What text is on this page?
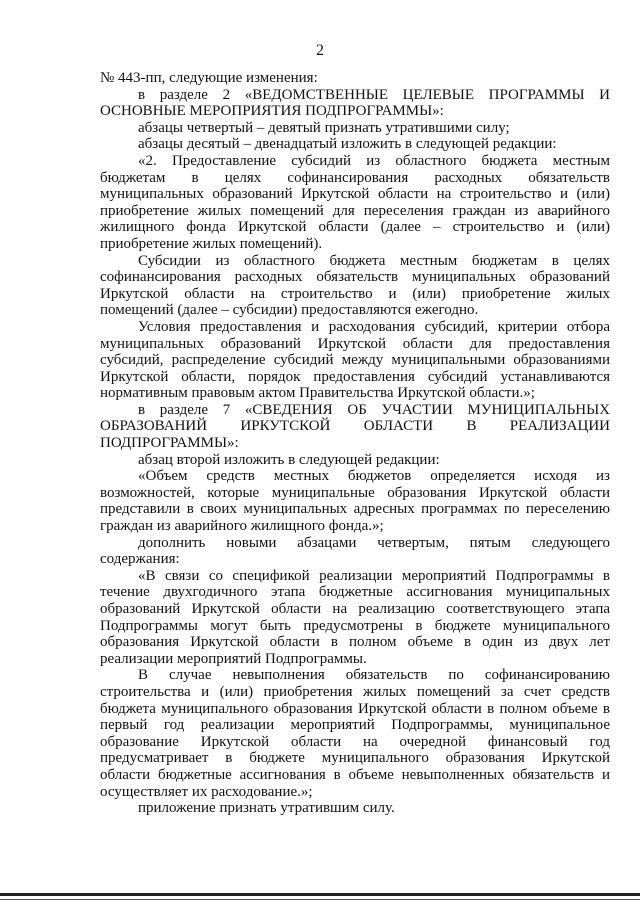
2
№ 443-пп, следующие изменения:
в разделе 2 «ВЕДОМСТВЕННЫЕ ЦЕЛЕВЫЕ ПРОГРАММЫ И
ОСНОВНЫЕ МЕРОПРИЯТИЯ ПОДПРОГРАММЫ»:
абзацы четвертый – девятый признать утратившими силу;
абзацы десятый – двенадцатый изложить в следующей редакции:
«2. Предоставление субсидий из областного бюджета местным
бюджетам в целях софинансирования расходных обязательств
муниципальных образований Иркутской области на строительство и (или)
приобретение жилых помещений для переселения граждан из аварийного
жилищного фонда Иркутской области (далее – строительство и (или)
приобретение жилых помещений).
Субсидии из областного бюджета местным бюджетам в целях
софинансирования расходных обязательств муниципальных образований
Иркутской области на строительство и (или) приобретение жилых
помещений (далее – субсидии) предоставляются ежегодно.
Условия предоставления и расходования субсидий, критерии отбора
муниципальных образований Иркутской области для предоставления
субсидий, распределение субсидий между муниципальными образованиями
Иркутской области, порядок предоставления субсидий устанавливаются
нормативным правовым актом Правительства Иркутской области.»;
в разделе 7 «СВЕДЕНИЯ ОБ УЧАСТИИ МУНИЦИПАЛЬНЫХ
ОБРАЗОВАНИЙ ИРКУТСКОЙ ОБЛАСТИ В РЕАЛИЗАЦИИ
ПОДПРОГРАММЫ»:
абзац второй изложить в следующей редакции:
«Объем средств местных бюджетов определяется исходя из
возможностей, которые муниципальные образования Иркутской области
представили в своих муниципальных адресных программах по переселению
граждан из аварийного жилищного фонда.»;
дополнить новыми абзацами четвертым, пятым следующего
содержания:
«В связи со спецификой реализации мероприятий Подпрограммы в
течение двухгодичного этапа бюджетные ассигнования муниципальных
образований Иркутской области на реализацию соответствующего этапа
Подпрограммы могут быть предусмотрены в бюджете муниципального
образования Иркутской области в полном объеме в один из двух лет
реализации мероприятий Подпрограммы.
В случае невыполнения обязательств по софинансированию
строительства и (или) приобретения жилых помещений за счет средств
бюджета муниципального образования Иркутской области в полном объеме в
первый год реализации мероприятий Подпрограммы, муниципальное
образование Иркутской области на очередной финансовый год
предусматривает в бюджете муниципального образования Иркутской
области бюджетные ассигнования в объеме невыполненных обязательств и
осуществляет их расходование.»;
приложение признать утратившим силу.
